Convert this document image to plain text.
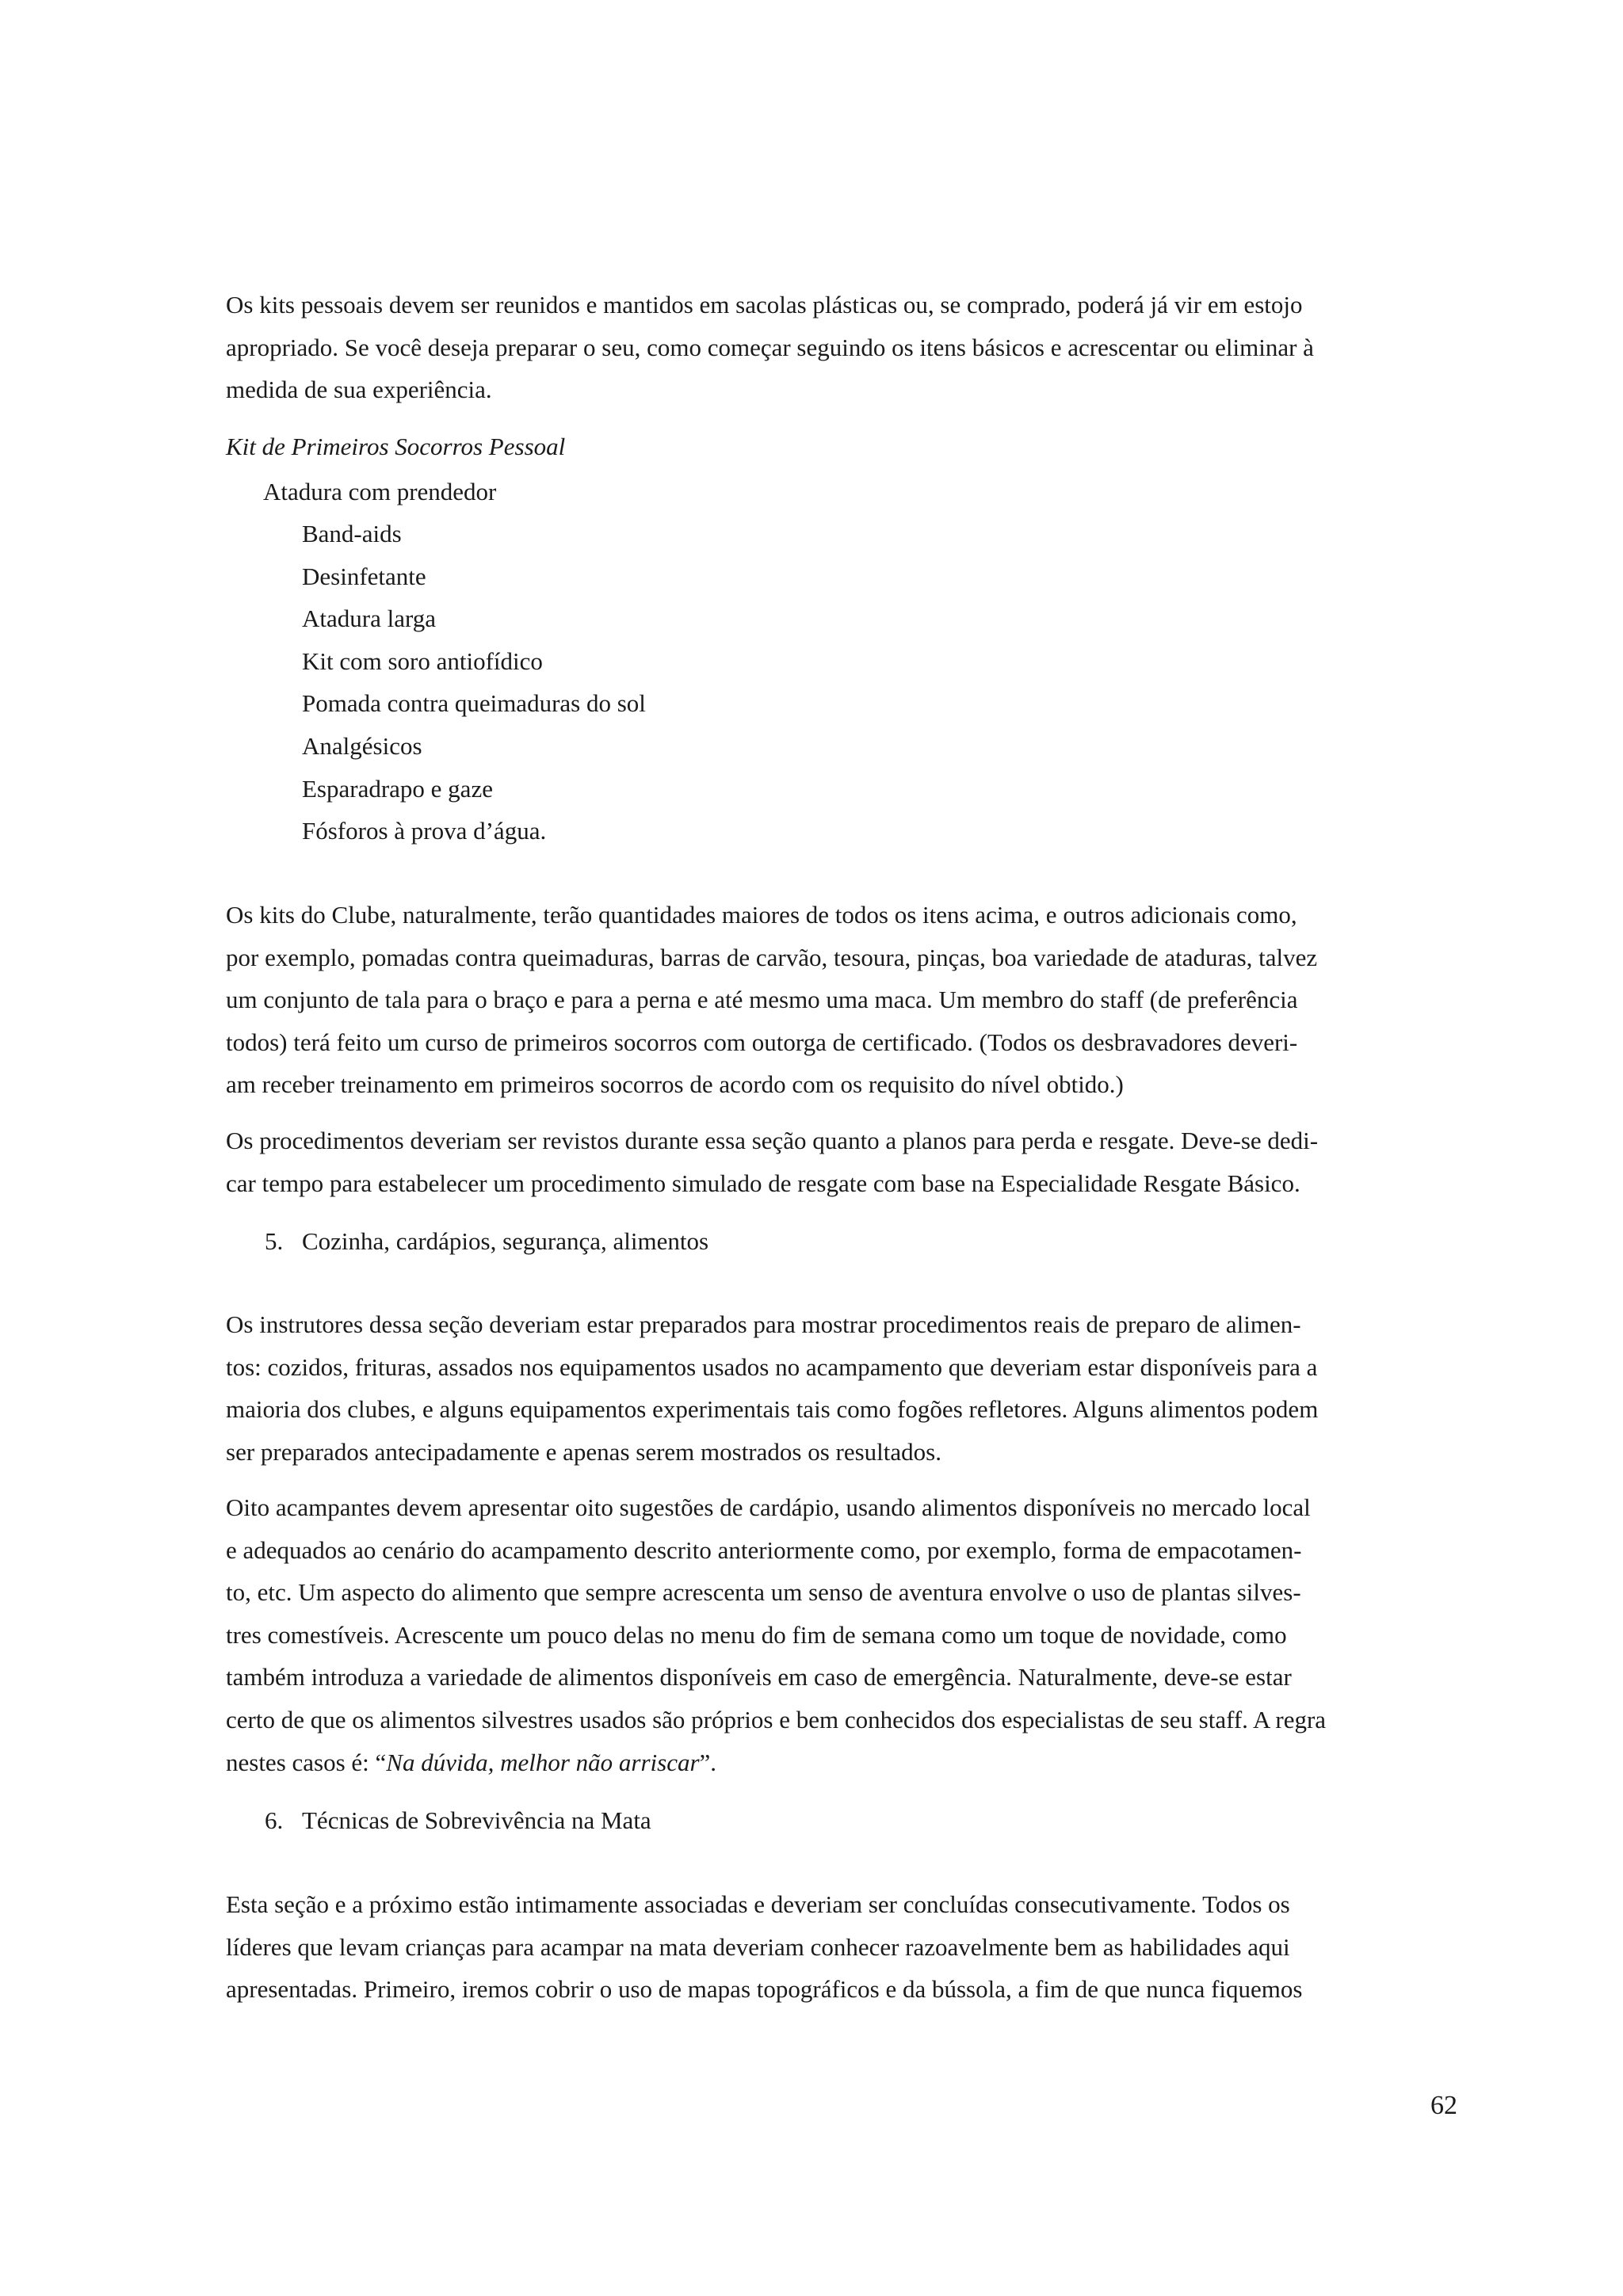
Os kits pessoais devem ser reunidos e mantidos em sacolas plásticas ou, se comprado, poderá já vir em estojo
apropriado. Se você deseja preparar o seu, como começar seguindo os itens básicos e acrescentar ou eliminar à
medida de sua experiência.
Kit de Primeiros Socorros Pessoal
Atadura com prendedor
Band-aids
Desinfetante
Atadura larga
Kit com soro antiofídico
Pomada contra queimaduras do sol
Analgésicos
Esparadrapo e gaze
Fósforos à prova d’água.
Os kits do Clube, naturalmente, terão quantidades maiores de todos os itens acima, e outros adicionais como,
por exemplo, pomadas contra queimaduras, barras de carvão, tesoura, pinças, boa variedade de ataduras, talvez
um conjunto de tala para o braço e para a perna e até mesmo uma maca. Um membro do staff (de preferência
todos) terá feito um curso de primeiros socorros com outorga de certificado. (Todos os desbravadores deveri-
am receber treinamento em primeiros socorros de acordo com os requisito do nível obtido.)
Os procedimentos deveriam ser revistos durante essa seção quanto a planos para perda e resgate. Deve-se dedi-
car tempo para estabelecer um procedimento simulado de resgate com base na Especialidade Resgate Básico.
5. Cozinha, cardápios, segurança, alimentos
Os instrutores dessa seção deveriam estar preparados para mostrar procedimentos reais de preparo de alimen-
tos: cozidos, frituras, assados nos equipamentos usados no acampamento que deveriam estar disponíveis para a
maioria dos clubes, e alguns equipamentos experimentais tais como fogões refletores. Alguns alimentos podem
ser preparados antecipadamente e apenas serem mostrados os resultados.
Oito acampantes devem apresentar oito sugestões de cardápio, usando alimentos disponíveis no mercado local
e adequados ao cenário do acampamento descrito anteriormente como, por exemplo, forma de empacotamen-
to, etc. Um aspecto do alimento que sempre acrescenta um senso de aventura envolve o uso de plantas silves-
tres comestíveis. Acrescente um pouco delas no menu do fim de semana como um toque de novidade, como
também introduza a variedade de alimentos disponíveis em caso de emergência. Naturalmente, deve-se estar
certo de que os alimentos silvestres usados são próprios e bem conhecidos dos especialistas de seu staff. A regra
nestes casos é: “Na dúvida, melhor não arriscar”.
6. Técnicas de Sobrevivência na Mata
Esta seção e a próximo estão intimamente associadas e deveriam ser concluídas consecutivamente. Todos os
líderes que levam crianças para acampar na mata deveriam conhecer razoavelmente bem as habilidades aqui
apresentadas. Primeiro, iremos cobrir o uso de mapas topográficos e da bússola, a fim de que nunca fiquemos
62
